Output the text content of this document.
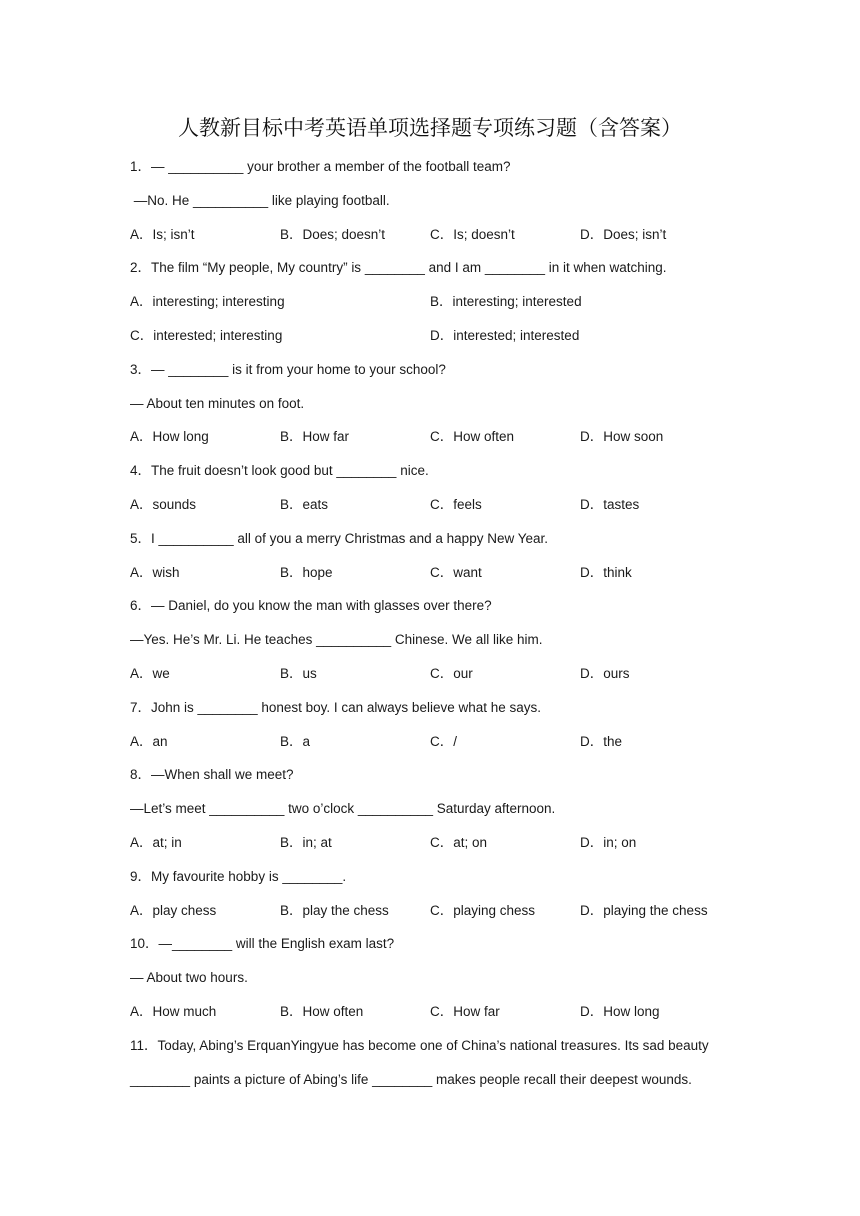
人教新目标中考英语单项选择题专项练习题（含答案）
1．— __________ your brother a member of the football team?
—No. He __________ like playing football.
A．Is; isn’t	B．Does; doesn’t	C．Is; doesn’t	D．Does; isn’t
2．The film “My people, My country” is ________ and I am ________ in it when watching.
A．interesting; interesting	B．interesting; interested
C．interested; interesting	D．interested; interested
3．— ________ is it from your home to your school?
— About ten minutes on foot.
A．How long	B．How far	C．How often	D．How soon
4．The fruit doesn’t look good but ________ nice.
A．sounds	B．eats	C．feels	D．tastes
5．I __________ all of you a merry Christmas and a happy New Year.
A．wish	B．hope	C．want	D．think
6．— Daniel, do you know the man with glasses over there?
—Yes. He’s Mr. Li. He teaches __________ Chinese. We all like him.
A．we	B．us	C．our	D．ours
7．John is ________ honest boy. I can always believe what he says.
A．an	B．a	C．/	D．the
8．—When shall we meet?
—Let’s meet __________ two o’clock __________ Saturday afternoon.
A．at; in	B．in; at	C．at; on	D．in; on
9．My favourite hobby is ________.
A．play chess	B．play the chess	C．playing chess	D．playing the chess
10．—________ will the English exam last?
— About two hours.
A．How much	B．How often	C．How far	D．How long
11．Today, Abing’s ErquanYingyue has become one of China’s national treasures. Its sad beauty
________ paints a picture of Abing’s life ________ makes people recall their deepest wounds.
